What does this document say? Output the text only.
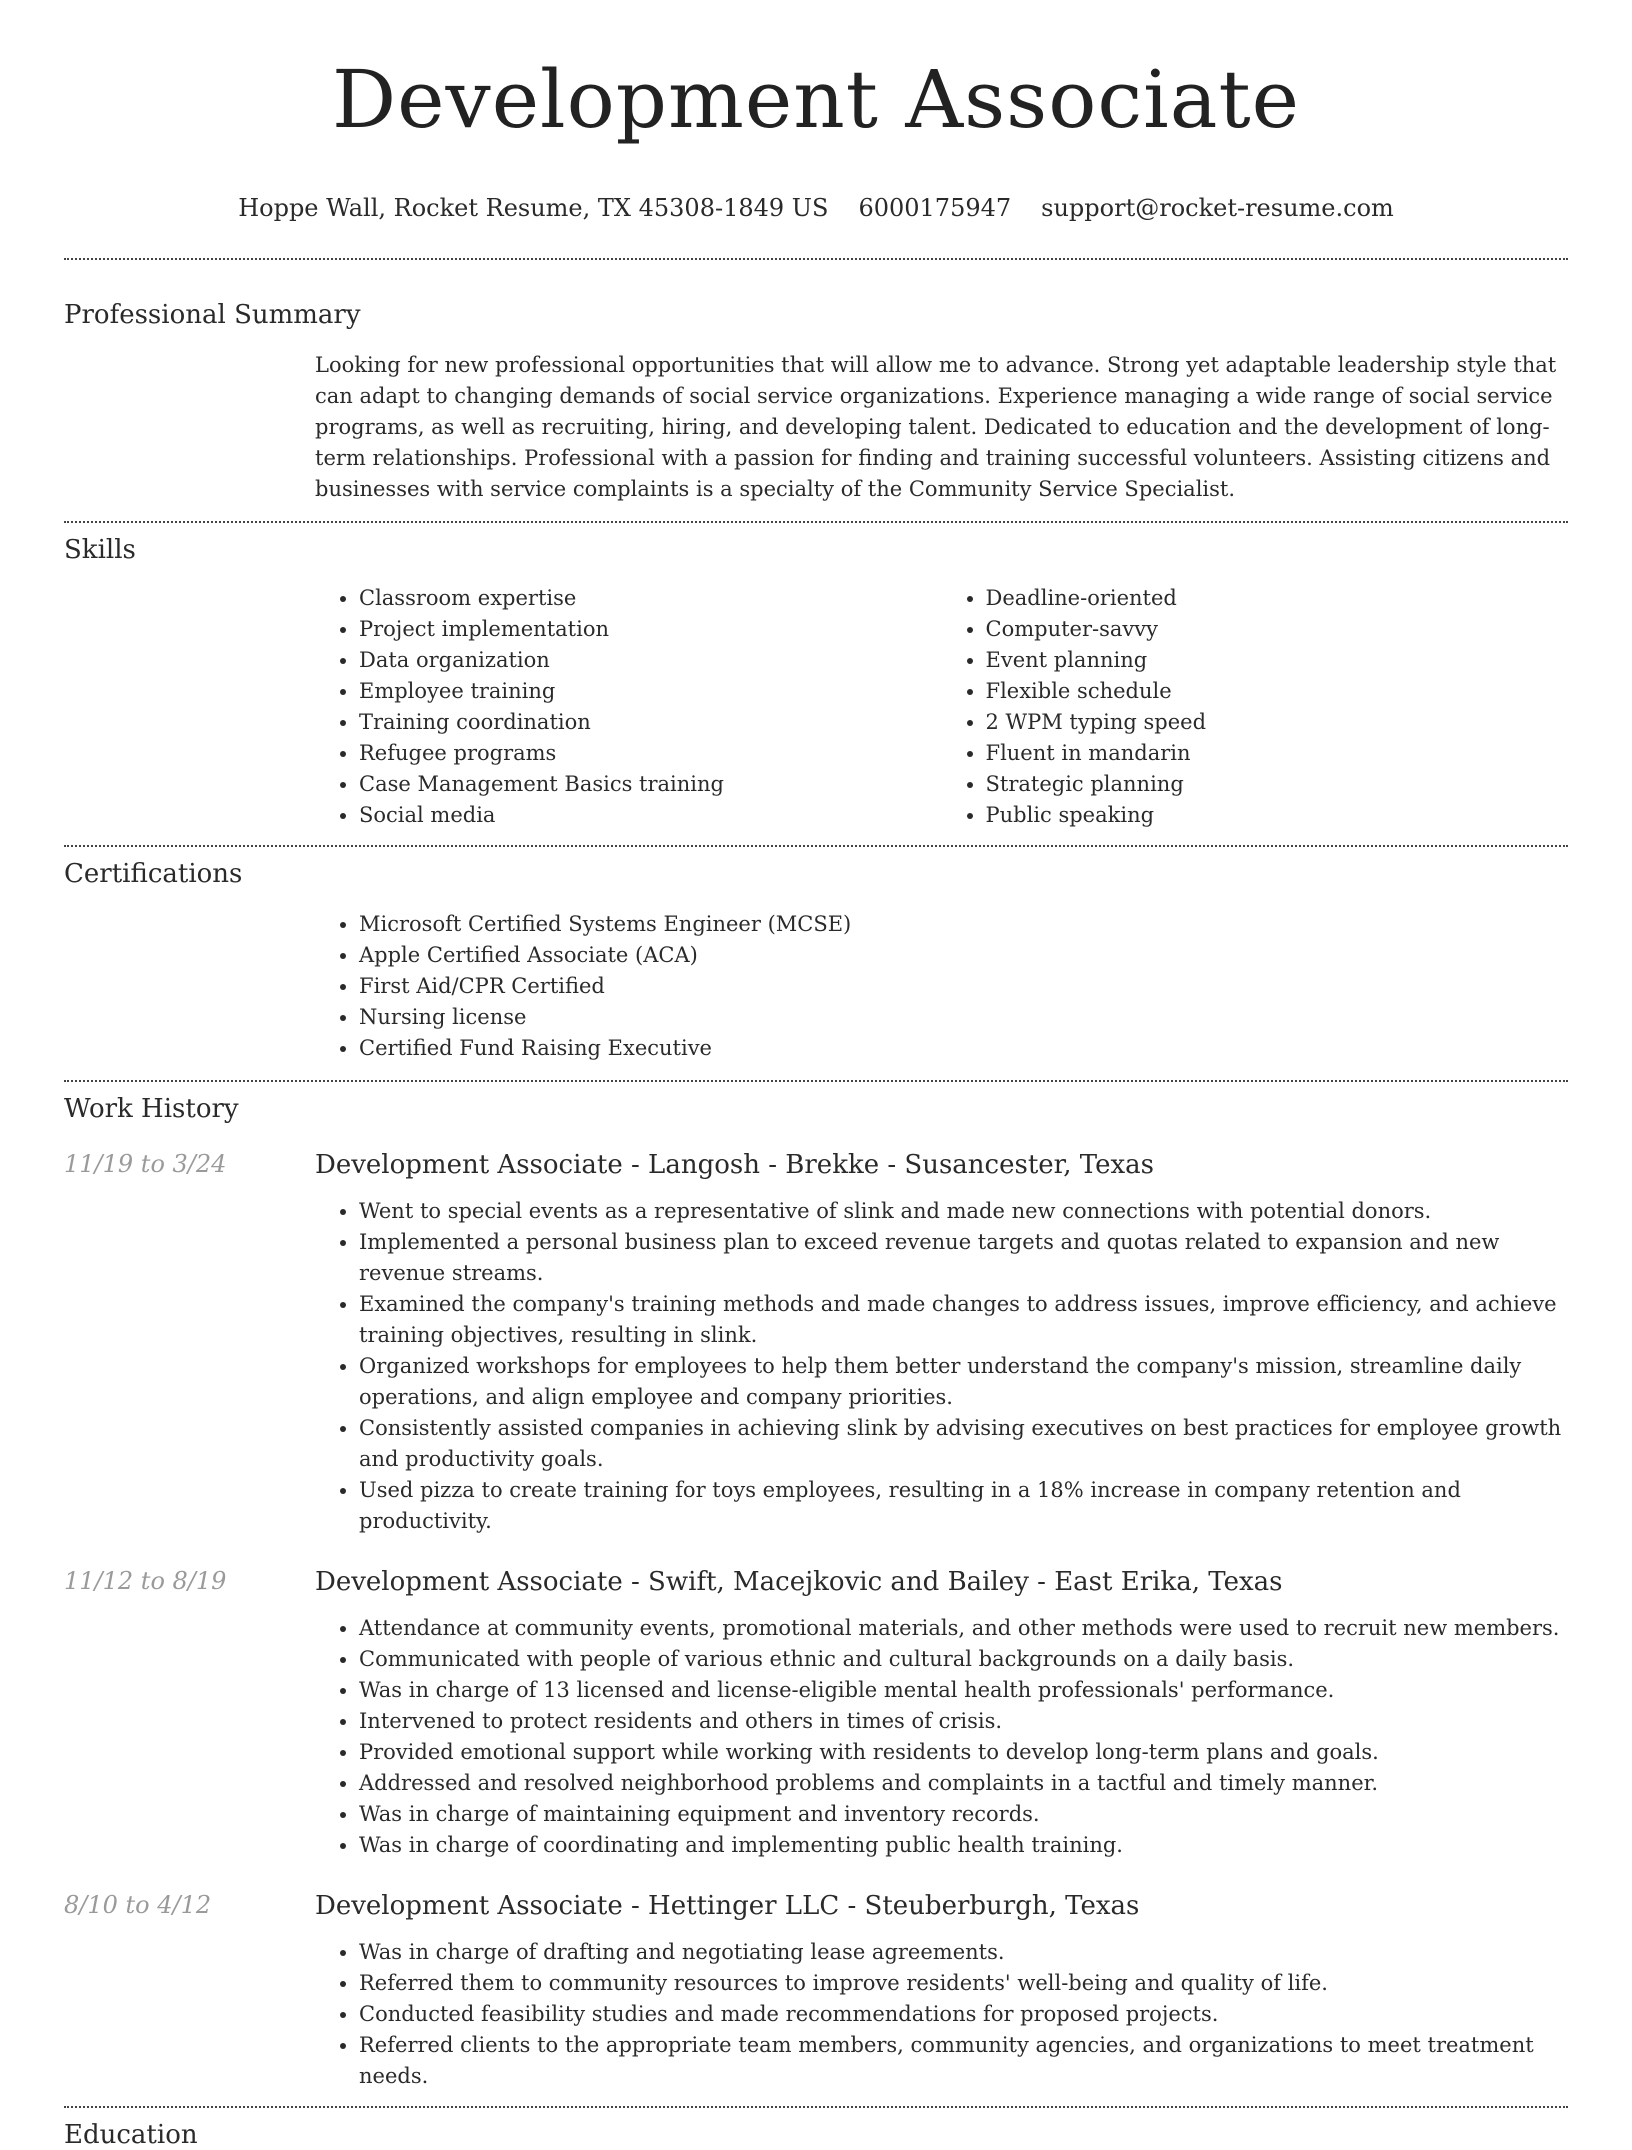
Development Associate
Hoppe Wall, Rocket Resume, TX 45308-1849 US 6000175947 support@rocket-resume.com
Professional Summary

Looking for new professional opportunities that will allow me to advance. Strong yet adaptable leadership style that can adapt to changing demands of social service organizations. Experience managing a wide range of social service programs, as well as recruiting, hiring, and developing talent. Dedicated to education and the development of long-term relationships. Professional with a passion for finding and training successful volunteers. Assisting citizens and businesses with service complaints is a specialty of the Community Service Specialist.

Skills
• Classroom expertise
• Project implementation
• Data organization
• Employee training
• Training coordination
• Refugee programs
• Case Management Basics training
• Social media
• Deadline-oriented
• Computer-savvy
• Event planning
• Flexible schedule
• 2 WPM typing speed
• Fluent in mandarin
• Strategic planning
• Public speaking
Certifications
• Microsoft Certified Systems Engineer (MCSE)
• Apple Certified Associate (ACA)
• First Aid/CPR Certified
• Nursing license
• Certified Fund Raising Executive
Work History
11/19 to 3/24	Development Associate - Langosh - Brekke - Susancester, Texas
• Went to special events as a representative of slink and made new connections with potential donors.
• Implemented a personal business plan to exceed revenue targets and quotas related to expansion and new revenue streams.
• Examined the company's training methods and made changes to address issues, improve efficiency, and achieve training objectives, resulting in slink.
• Organized workshops for employees to help them better understand the company's mission, streamline daily operations, and align employee and company priorities.
• Consistently assisted companies in achieving slink by advising executives on best practices for employee growth and productivity goals.
• Used pizza to create training for toys employees, resulting in a 18% increase in company retention and productivity.
11/12 to 8/19	Development Associate - Swift, Macejkovic and Bailey - East Erika, Texas
• Attendance at community events, promotional materials, and other methods were used to recruit new members.
• Communicated with people of various ethnic and cultural backgrounds on a daily basis.
• Was in charge of 13 licensed and license-eligible mental health professionals' performance.
• Intervened to protect residents and others in times of crisis.
• Provided emotional support while working with residents to develop long-term plans and goals.
• Addressed and resolved neighborhood problems and complaints in a tactful and timely manner.
• Was in charge of maintaining equipment and inventory records.
• Was in charge of coordinating and implementing public health training.
8/10 to 4/12	Development Associate - Hettinger LLC - Steuberburgh, Texas
• Was in charge of drafting and negotiating lease agreements.
• Referred them to community resources to improve residents' well-being and quality of life.
• Conducted feasibility studies and made recommendations for proposed projects.
• Referred clients to the appropriate team members, community agencies, and organizations to meet treatment needs.
Education
